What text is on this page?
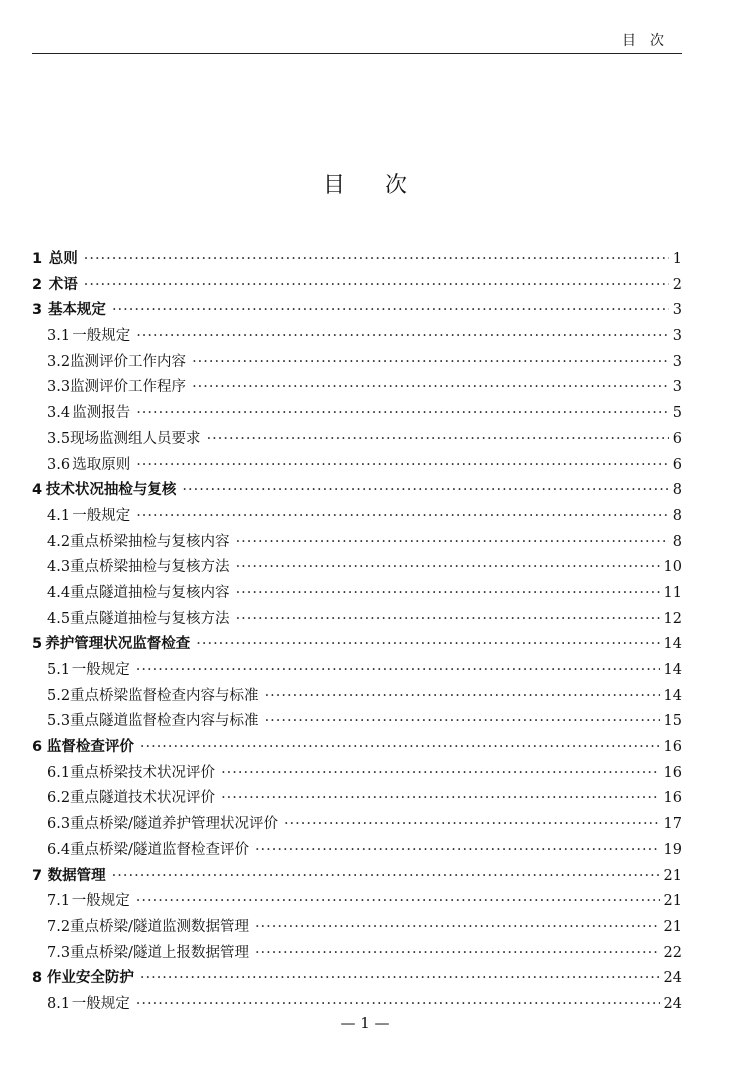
目次
目次
1 总则 ·····	1
2 术语 ·····	2
3 基本规定 ·····	3
3.1 一般规定 ·····	3
3.2 监测评价工作内容 ·····	3
3.3 监测评价工作程序 ·····	3
3.4 监测报告 ·····	5
3.5 现场监测组人员要求 ·····	6
3.6 选取原则 ·····	6
4 技术状况抽检与复核 ·····	8
4.1 一般规定 ·····	8
4.2 重点桥梁抽检与复核内容 ·····	8
4.3 重点桥梁抽检与复核方法 ·····	10
4.4 重点隧道抽检与复核内容 ·····	11
4.5 重点隧道抽检与复核方法 ·····	12
5 养护管理状况监督检查 ·····	14
5.1 一般规定 ·····	14
5.2 重点桥梁监督检查内容与标准 ·····	14
5.3 重点隧道监督检查内容与标准 ·····	15
6 监督检查评价 ·····	16
6.1 重点桥梁技术状况评价 ·····	16
6.2 重点隧道技术状况评价 ·····	16
6.3 重点桥梁/隧道养护管理状况评价 ·····	17
6.4 重点桥梁/隧道监督检查评价 ·····	19
7 数据管理 ·····	21
7.1 一般规定 ·····	21
7.2 重点桥梁/隧道监测数据管理 ·····	21
7.3 重点桥梁/隧道上报数据管理 ·····	22
8 作业安全防护 ·····	24
8.1 一般规定 ·····	24
— 1 —
